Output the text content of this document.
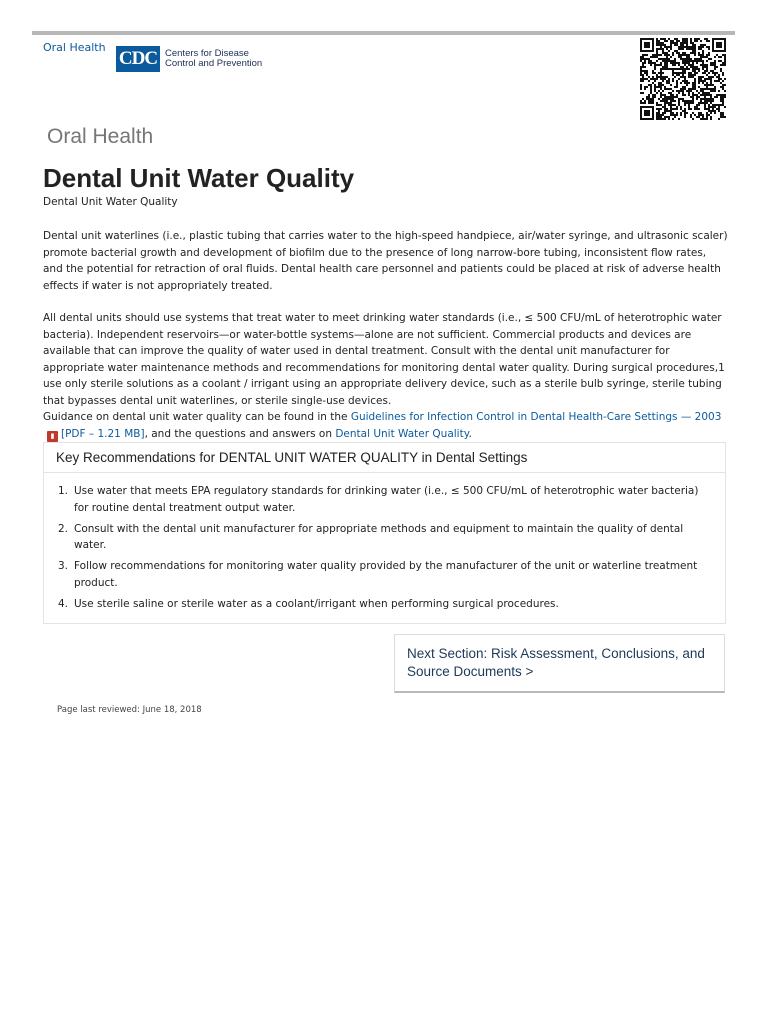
Oral Health
CDC Centers for Disease
Control and Prevention
Oral Health
Dental Unit Water Quality
Dental Unit Water Quality

Dental unit waterlines (i.e., plastic tubing that carries water to the high-speed handpiece, air/water syringe, and ultrasonic scaler) promote bacterial growth and development of biofilm due to the presence of long narrow-bore tubing, inconsistent flow rates, and the potential for retraction of oral fluids. Dental health care personnel and patients could be placed at risk of adverse health effects if water is not appropriately treated.

All dental units should use systems that treat water to meet drinking water standards (i.e., ≤ 500 CFU/mL of heterotrophic water bacteria). Independent reservoirs—or water-bottle systems—alone are not sufficient. Commercial products and devices are available that can improve the quality of water used in dental treatment. Consult with the dental unit manufacturer for appropriate water maintenance methods and recommendations for monitoring dental water quality. During surgical procedures,1 use only sterile solutions as a coolant / irrigant using an appropriate delivery device, such as a sterile bulb syringe, sterile tubing that bypasses dental unit waterlines, or sterile single-use devices.

Guidance on dental unit water quality can be found in the Guidelines for Infection Control in Dental Health-Care Settings — 2003▮ [PDF – 1.21 MB], and the questions and answers on Dental Unit Water Quality.

Key Recommendations for DENTAL UNIT WATER QUALITY in Dental Settings
1. Use water that meets EPA regulatory standards for drinking water (i.e., ≤ 500 CFU/mL of heterotrophic water bacteria) for routine dental treatment output water.
2. Consult with the dental unit manufacturer for appropriate methods and equipment to maintain the quality of dental water.
3. Follow recommendations for monitoring water quality provided by the manufacturer of the unit or waterline treatment product.
4. Use sterile saline or sterile water as a coolant/irrigant when performing surgical procedures.
Next Section: Risk Assessment, Conclusions, and Source Documents >
Page last reviewed: June 18, 2018
